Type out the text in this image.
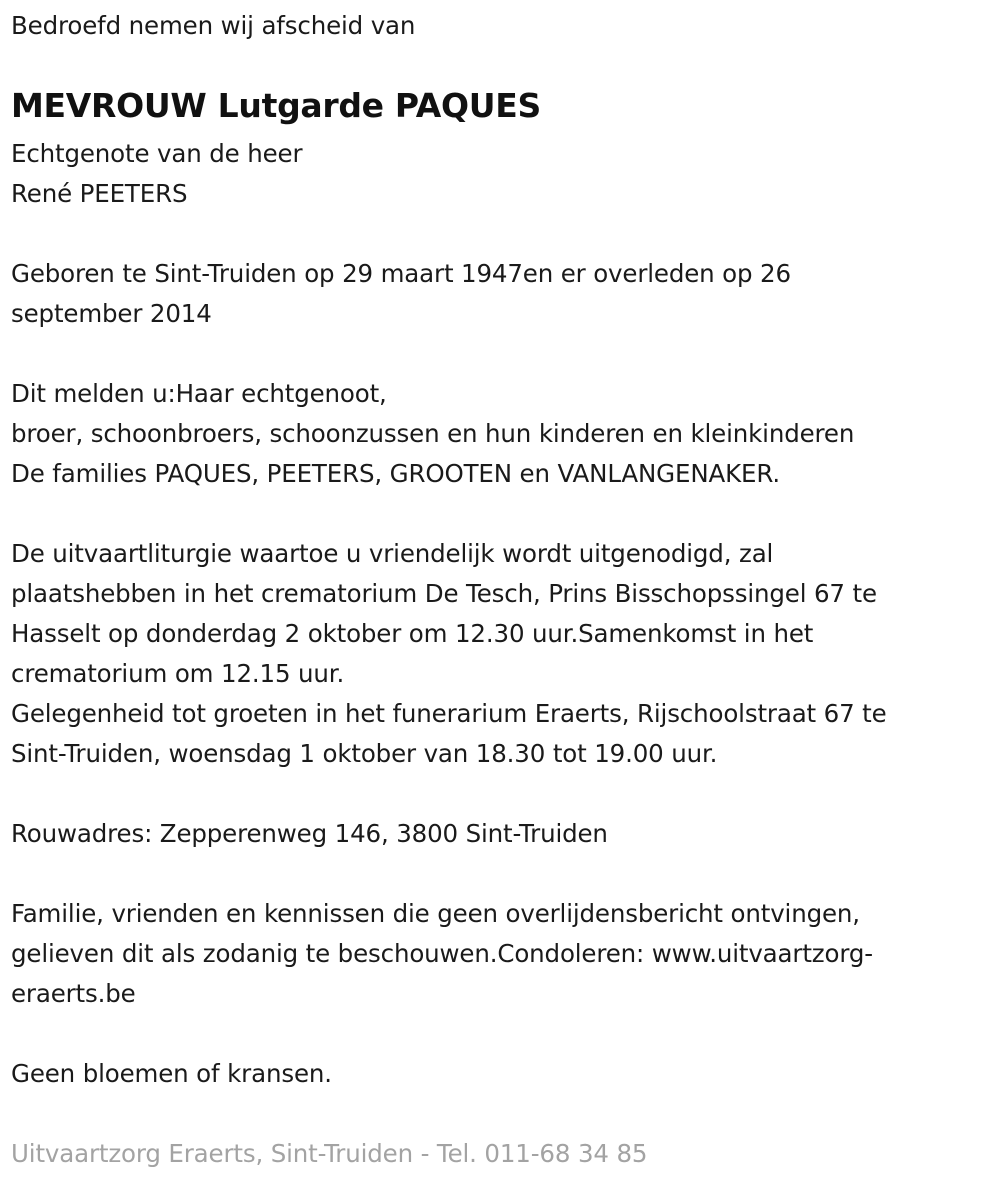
Bedroefd nemen wij afscheid van
MEVROUW Lutgarde PAQUES
Echtgenote van de heer
René PEETERS
Geboren te Sint-Truiden op 29 maart 1947en er overleden op 26
september 2014
Dit melden u:Haar echtgenoot,
broer, schoonbroers, schoonzussen en hun kinderen en kleinkinderen
De families PAQUES, PEETERS, GROOTEN en VANLANGENAKER.
De uitvaartliturgie waartoe u vriendelijk wordt uitgenodigd, zal
plaatshebben in het crematorium De Tesch, Prins Bisschopssingel 67 te
Hasselt op donderdag 2 oktober om 12.30 uur.Samenkomst in het
crematorium om 12.15 uur.
Gelegenheid tot groeten in het funerarium Eraerts, Rijschoolstraat 67 te
Sint-Truiden, woensdag 1 oktober van 18.30 tot 19.00 uur.
Rouwadres: Zepperenweg 146, 3800 Sint-Truiden
Familie, vrienden en kennissen die geen overlijdensbericht ontvingen,
gelieven dit als zodanig te beschouwen.Condoleren: www.uitvaartzorg-
eraerts.be
Geen bloemen of kransen.
Uitvaartzorg Eraerts, Sint-Truiden - Tel. 011-68 34 85
